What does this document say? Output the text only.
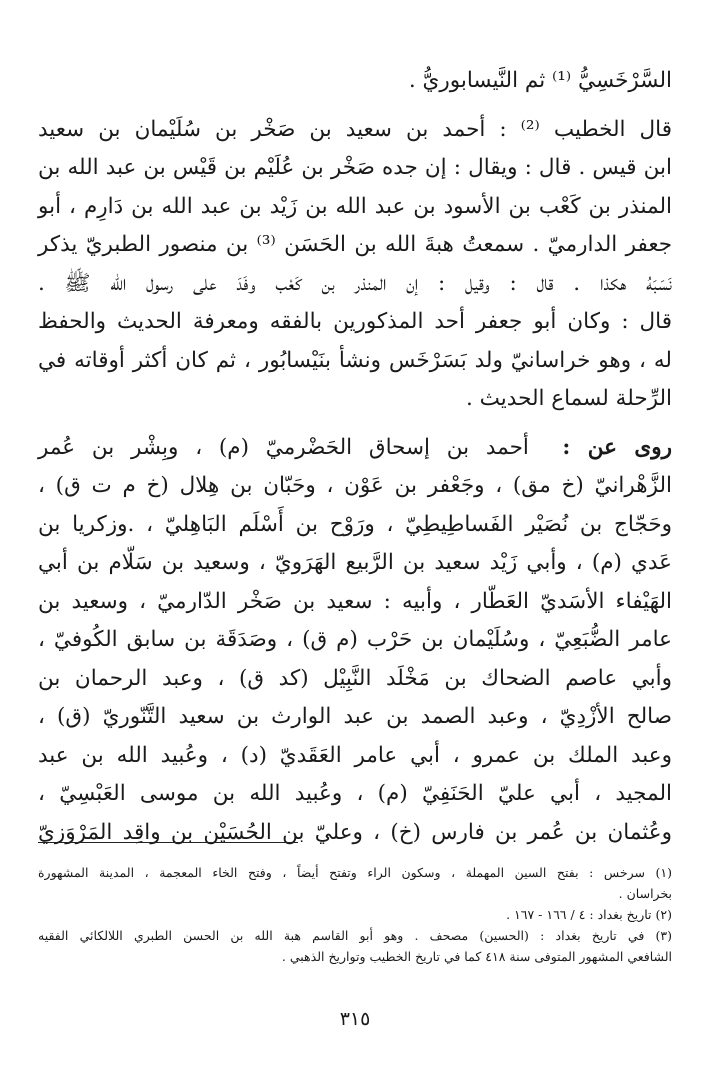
السَّرْخَسِيُّ ⁽¹⁾ ثم النَّيسابوريُّ .

قال الخطيب ⁽²⁾ : أحمد بن سعيد بن صَخْر بن سُلَيْمان بن سعيد
ابن قيس . قال : ويقال : إن جده صَخْر بن عُلَيْم بن قَيْس بن عبد الله بن
المنذر بن كَعْب بن الأسود بن عبد الله بن زَيْد بن عبد الله بن دَارِم ، أبو
جعفر الدارميّ . سمعتُ هبةَ الله بن الحَسَن ⁽³⁾ بن منصور الطبريّ يذكر
نَسَبَهُ هكذا . قال : وقيل : إن المنذر بن كَعْب وفَدَ على رسول الله ﷺ .
قال : وكان أبو جعفر أحد المذكورين بالفقه ومعرفة الحديث والحفظ
له ، وهو خراسانيّ ولد بَسَرْخَس ونشأ بنَيْسابُور ، ثم كان أكثر أوقاته في
الرِّحلة لسماع الحديث .

روى عن :  أحمد بن إسحاق الحَضْرميّ (م) ، وبِشْر بن عُمر
الزَّهْرانيّ (خ مق) ، وجَعْفر بن عَوْن ، وحَبّان بن هِلال (خ م ت ق) ،
وحَجّاج بن نُصَيْر الفَساطِيطِيّ ، ورَوْح بن أَسْلَم البَاهِليّ ، .وزكريا بن
عَدي (م) ، وأبي زَيْد سعيد بن الرَّبيع الهَرَويّ ، وسعيد بن سَلّام بن أبي
الهَيْفاء الأسَديّ العَطّار ، وأبيه : سعيد بن صَخْر الدّارميّ ، وسعيد بن
عامر الضُّبَعِيّ ، وسُلَيْمان بن حَرْب (م ق) ، وصَدَقَة بن سابق الكُوفيّ ،
وأبي عاصم الضحاك بن مَخْلَد النَّبِيْل (كد ق) ، وعبد الرحمان بن
صالح الأزْدِيّ ، وعبد الصمد بن عبد الوارث بن سعيد التَّنّوريّ (ق) ،
وعبد الملك بن عمرو ، أبي عامر العَقَديّ (د) ، وعُبيد الله بن عبد
المجيد ، أبي عليّ الحَنَفِيّ (م) ، وعُبيد الله بن موسى العَبْسِيّ ،
وعُثمان بن عُمر بن فارس (خ) ، وعليّ بن الحُسَيْن بن واقِد المَرْوَزيّ

(١) سرخس : بفتح السين المهملة ، وسكون الراء وتفتح أيضاً ، وفتح الخاء المعجمة ، المدينة المشهورة
بخراسان .
(٢) تاريخ بغداد : ٤ / ١٦٦ - ١٦٧ .
(٣) في تاريخ بغداد : (الحسين) مصحف . وهو أبو القاسم هبة الله بن الحسن الطبري اللالكائي الفقيه
الشافعي المشهور المتوفى سنة ٤١٨ كما في تاريخ الخطيب وتواريخ الذهبي .
٣١٥
